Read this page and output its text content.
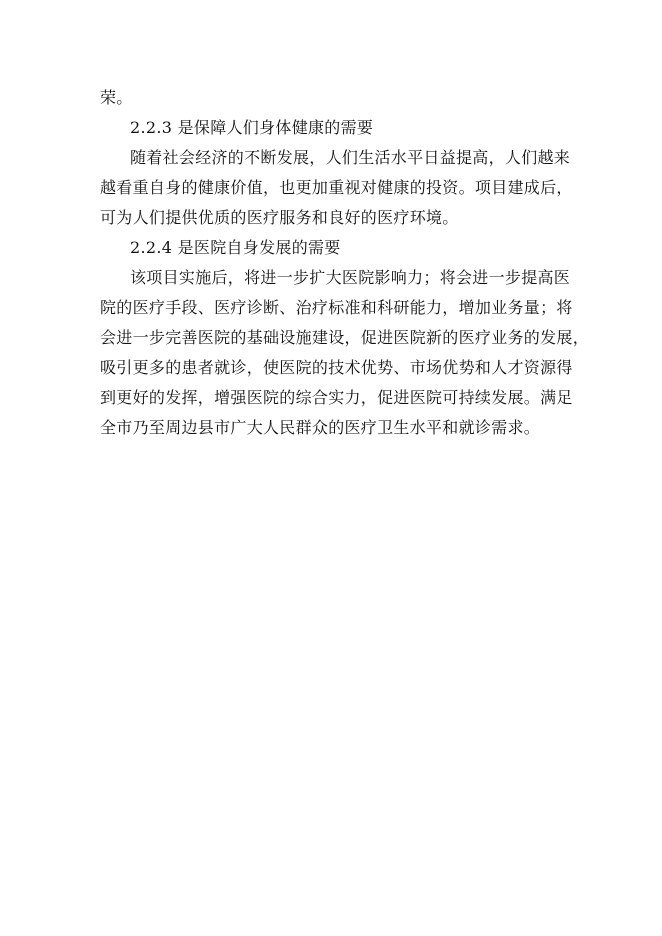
荣。
2.2.3 是保障人们身体健康的需要
随着社会经济的不断发展，人们生活水平日益提高，人们越来
越看重自身的健康价值，也更加重视对健康的投资。项目建成后，
可为人们提供优质的医疗服务和良好的医疗环境。
2.2.4 是医院自身发展的需要
该项目实施后，将进一步扩大医院影响力；将会进一步提高医
院的医疗手段、医疗诊断、治疗标准和科研能力，增加业务量；将
会进一步完善医院的基础设施建设，促进医院新的医疗业务的发展，
吸引更多的患者就诊，使医院的技术优势、市场优势和人才资源得
到更好的发挥，增强医院的综合实力，促进医院可持续发展。满足
全市乃至周边县市广大人民群众的医疗卫生水平和就诊需求。
